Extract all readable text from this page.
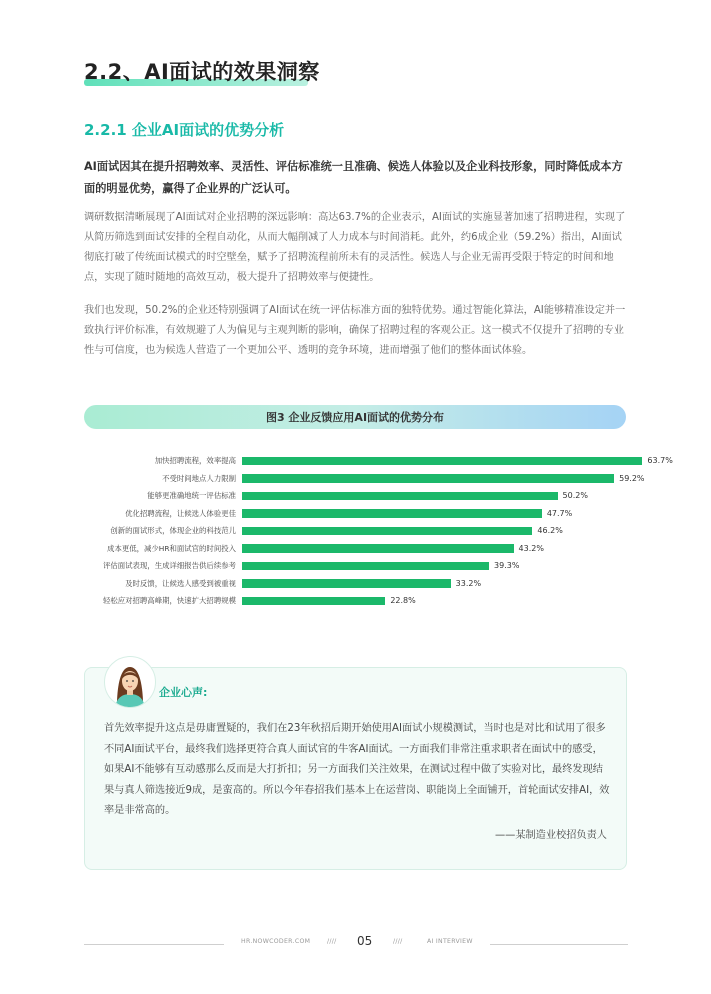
2.2、AI面试的效果洞察
2.2.1 企业AI面试的优势分析

AI面试因其在提升招聘效率、灵活性、评估标准统一且准确、候选人体验以及企业科技形象，同时降低成本方面的明显优势，赢得了企业界的广泛认可。

调研数据清晰展现了AI面试对企业招聘的深远影响：高达63.7%的企业表示，AI面试的实施显著加速了招聘进程，实现了从简历筛选到面试安排的全程自动化，从而大幅削减了人力成本与时间消耗。此外，约6成企业（59.2%）指出，AI面试彻底打破了传统面试模式的时空壁垒，赋予了招聘流程前所未有的灵活性。候选人与企业无需再受限于特定的时间和地点，实现了随时随地的高效互动，极大提升了招聘效率与便捷性。

我们也发现，50.2%的企业还特别强调了AI面试在统一评估标准方面的独特优势。通过智能化算法，AI能够精准设定并一致执行评价标准，有效规避了人为偏见与主观判断的影响，确保了招聘过程的客观公正。这一模式不仅提升了招聘的专业性与可信度，也为候选人营造了一个更加公平、透明的竞争环境，进而增强了他们的整体面试体验。

图3 企业反馈应用AI面试的优势分布
加快招聘流程，效率提高	63.7%
不受时间地点人力限制	59.2%
能够更准确地统一评估标准	50.2%
优化招聘流程，让候选人体验更佳	47.7%
创新的面试形式，体现企业的科技范儿	46.2%
成本更低，减少HR和面试官的时间投入	43.2%
评估面试表现，生成详细报告供后续参考	39.3%
及时反馈，让候选人感受到被重视	33.2%
轻松应对招聘高峰期，快速扩大招聘规模	22.8%
企业心声:

首先效率提升这点是毋庸置疑的，我们在23年秋招后期开始使用AI面试小规模测试，当时也是对比和试用了很多不同AI面试平台，最终我们选择更符合真人面试官的牛客AI面试。一方面我们非常注重求职者在面试中的感受，如果AI不能够有互动感那么反而是大打折扣；另一方面我们关注效果，在测试过程中做了实验对比，最终发现结果与真人筛选接近9成，是蛮高的。所以今年春招我们基本上在运营岗、职能岗上全面铺开，首轮面试安排AI，效率是非常高的。

——某制造业校招负责人
HR.NOWCODER.COM	//// 05	////	AI INTERVIEW
